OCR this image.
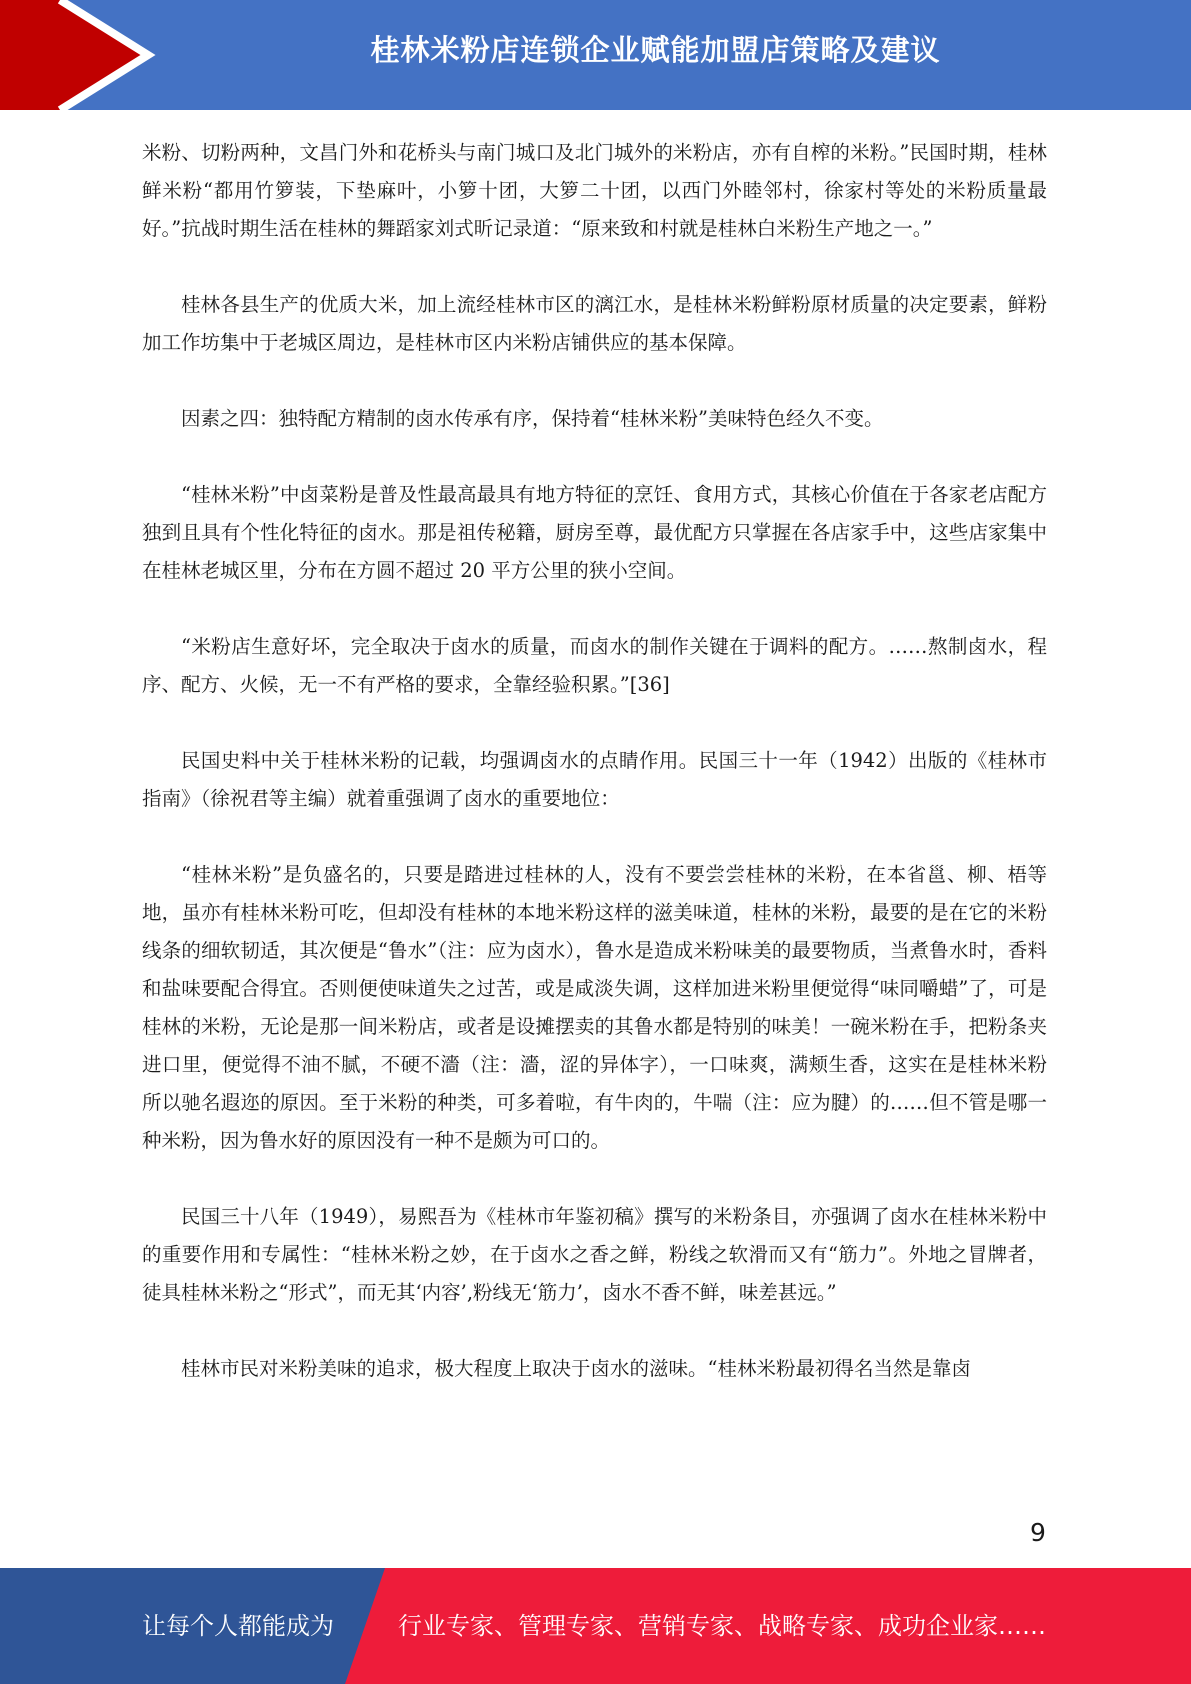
桂林米粉店连锁企业赋能加盟店策略及建议

米粉、切粉两种，文昌门外和花桥头与南门城口及北门城外的米粉店，亦有自榨的米粉。”民国时期，桂林鲜米粉“都用竹箩装，下垫麻叶，小箩十团，大箩二十团，以西门外睦邻村，徐家村等处的米粉质量最好。”抗战时期生活在桂林的舞蹈家刘式昕记录道：“原来致和村就是桂林白米粉生产地之一。”

桂林各县生产的优质大米，加上流经桂林市区的漓江水，是桂林米粉鲜粉原材质量的决定要素，鲜粉加工作坊集中于老城区周边，是桂林市区内米粉店铺供应的基本保障。

因素之四：独特配方精制的卤水传承有序，保持着“桂林米粉”美味特色经久不变。

“桂林米粉”中卤菜粉是普及性最高最具有地方特征的烹饪、食用方式，其核心价值在于各家老店配方独到且具有个性化特征的卤水。那是祖传秘籍，厨房至尊，最优配方只掌握在各店家手中，这些店家集中在桂林老城区里，分布在方圆不超过 20 平方公里的狭小空间。

“米粉店生意好坏，完全取决于卤水的质量，而卤水的制作关键在于调料的配方。……熬制卤水，程序、配方、火候，无一不有严格的要求，全靠经验积累。”[36]

民国史料中关于桂林米粉的记载，均强调卤水的点睛作用。民国三十一年（1942）出版的《桂林市指南》（徐祝君等主编）就着重强调了卤水的重要地位：

“桂林米粉”是负盛名的，只要是踏进过桂林的人，没有不要尝尝桂林的米粉，在本省邕、柳、梧等地，虽亦有桂林米粉可吃，但却没有桂林的本地米粉这样的滋美味道，桂林的米粉，最要的是在它的米粉线条的细软韧适，其次便是“鲁水”（注：应为卤水），鲁水是造成米粉味美的最要物质，当煮鲁水时，香料和盐味要配合得宜。否则便使味道失之过苦，或是咸淡失调，这样加进米粉里便觉得“味同嚼蜡”了，可是桂林的米粉，无论是那一间米粉店，或者是设摊摆卖的其鲁水都是特别的味美！一碗米粉在手，把粉条夹进口里，便觉得不油不腻，不硬不濇（注：濇，涩的异体字），一口味爽，满颊生香，这实在是桂林米粉所以驰名遐迩的原因。至于米粉的种类，可多着啦，有牛肉的，牛喘（注：应为腱）的……但不管是哪一种米粉，因为鲁水好的原因没有一种不是颇为可口的。

民国三十八年（1949），易熙吾为《桂林市年鉴初稿》撰写的米粉条目，亦强调了卤水在桂林米粉中的重要作用和专属性：“桂林米粉之妙，在于卤水之香之鲜，粉线之软滑而又有“筋力”。外地之冒牌者，徒具桂林米粉之“形式”，而无其‘内容’,粉线无‘筋力’，卤水不香不鲜，味差甚远。”

桂林市民对米粉美味的追求，极大程度上取决于卤水的滋味。“桂林米粉最初得名当然是靠卤

9
让每个人都能成为	行业专家、管理专家、营销专家、战略专家、成功企业家……
